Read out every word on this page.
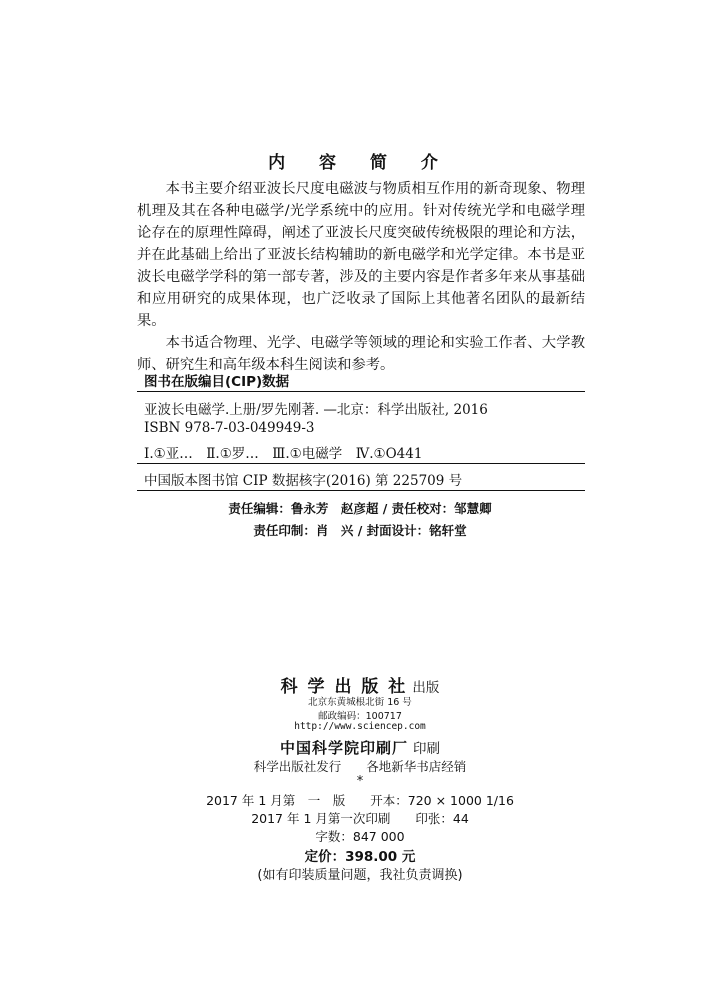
内 容 简 介

本书主要介绍亚波长尺度电磁波与物质相互作用的新奇现象、物理机理及其在各种电磁学/光学系统中的应用。针对传统光学和电磁学理论存在的原理性障碍，阐述了亚波长尺度突破传统极限的理论和方法，并在此基础上给出了亚波长结构辅助的新电磁学和光学定律。本书是亚波长电磁学学科的第一部专著，涉及的主要内容是作者多年来从事基础和应用研究的成果体现，也广泛收录了国际上其他著名团队的最新结果。

本书适合物理、光学、电磁学等领域的理论和实验工作者、大学教师、研究生和高年级本科生阅读和参考。

图书在版编目(CIP)数据
亚波长电磁学.上册/罗先刚著. —北京：科学出版社, 2016
ISBN 978-7-03-049949-3
Ⅰ.①亚…　Ⅱ.①罗…　Ⅲ.①电磁学　Ⅳ.①O441
中国版本图书馆 CIP 数据核字(2016) 第 225709 号
责任编辑：鲁永芳　赵彦超 / 责任校对：邹慧卿
责任印制：肖　兴 / 封面设计：铭轩堂
科 学 出 版 社 出版
北京东黄城根北街 16 号
邮政编码：100717
http://www.sciencep.com
中国科学院印刷厂 印刷
科学出版社发行　　各地新华书店经销
*
2017 年 1 月第　一　版　　开本：720 × 1000 1/16
2017 年 1 月第一次印刷　　印张：44
字数：847 000
定价：398.00 元
(如有印装质量问题，我社负责调换)
